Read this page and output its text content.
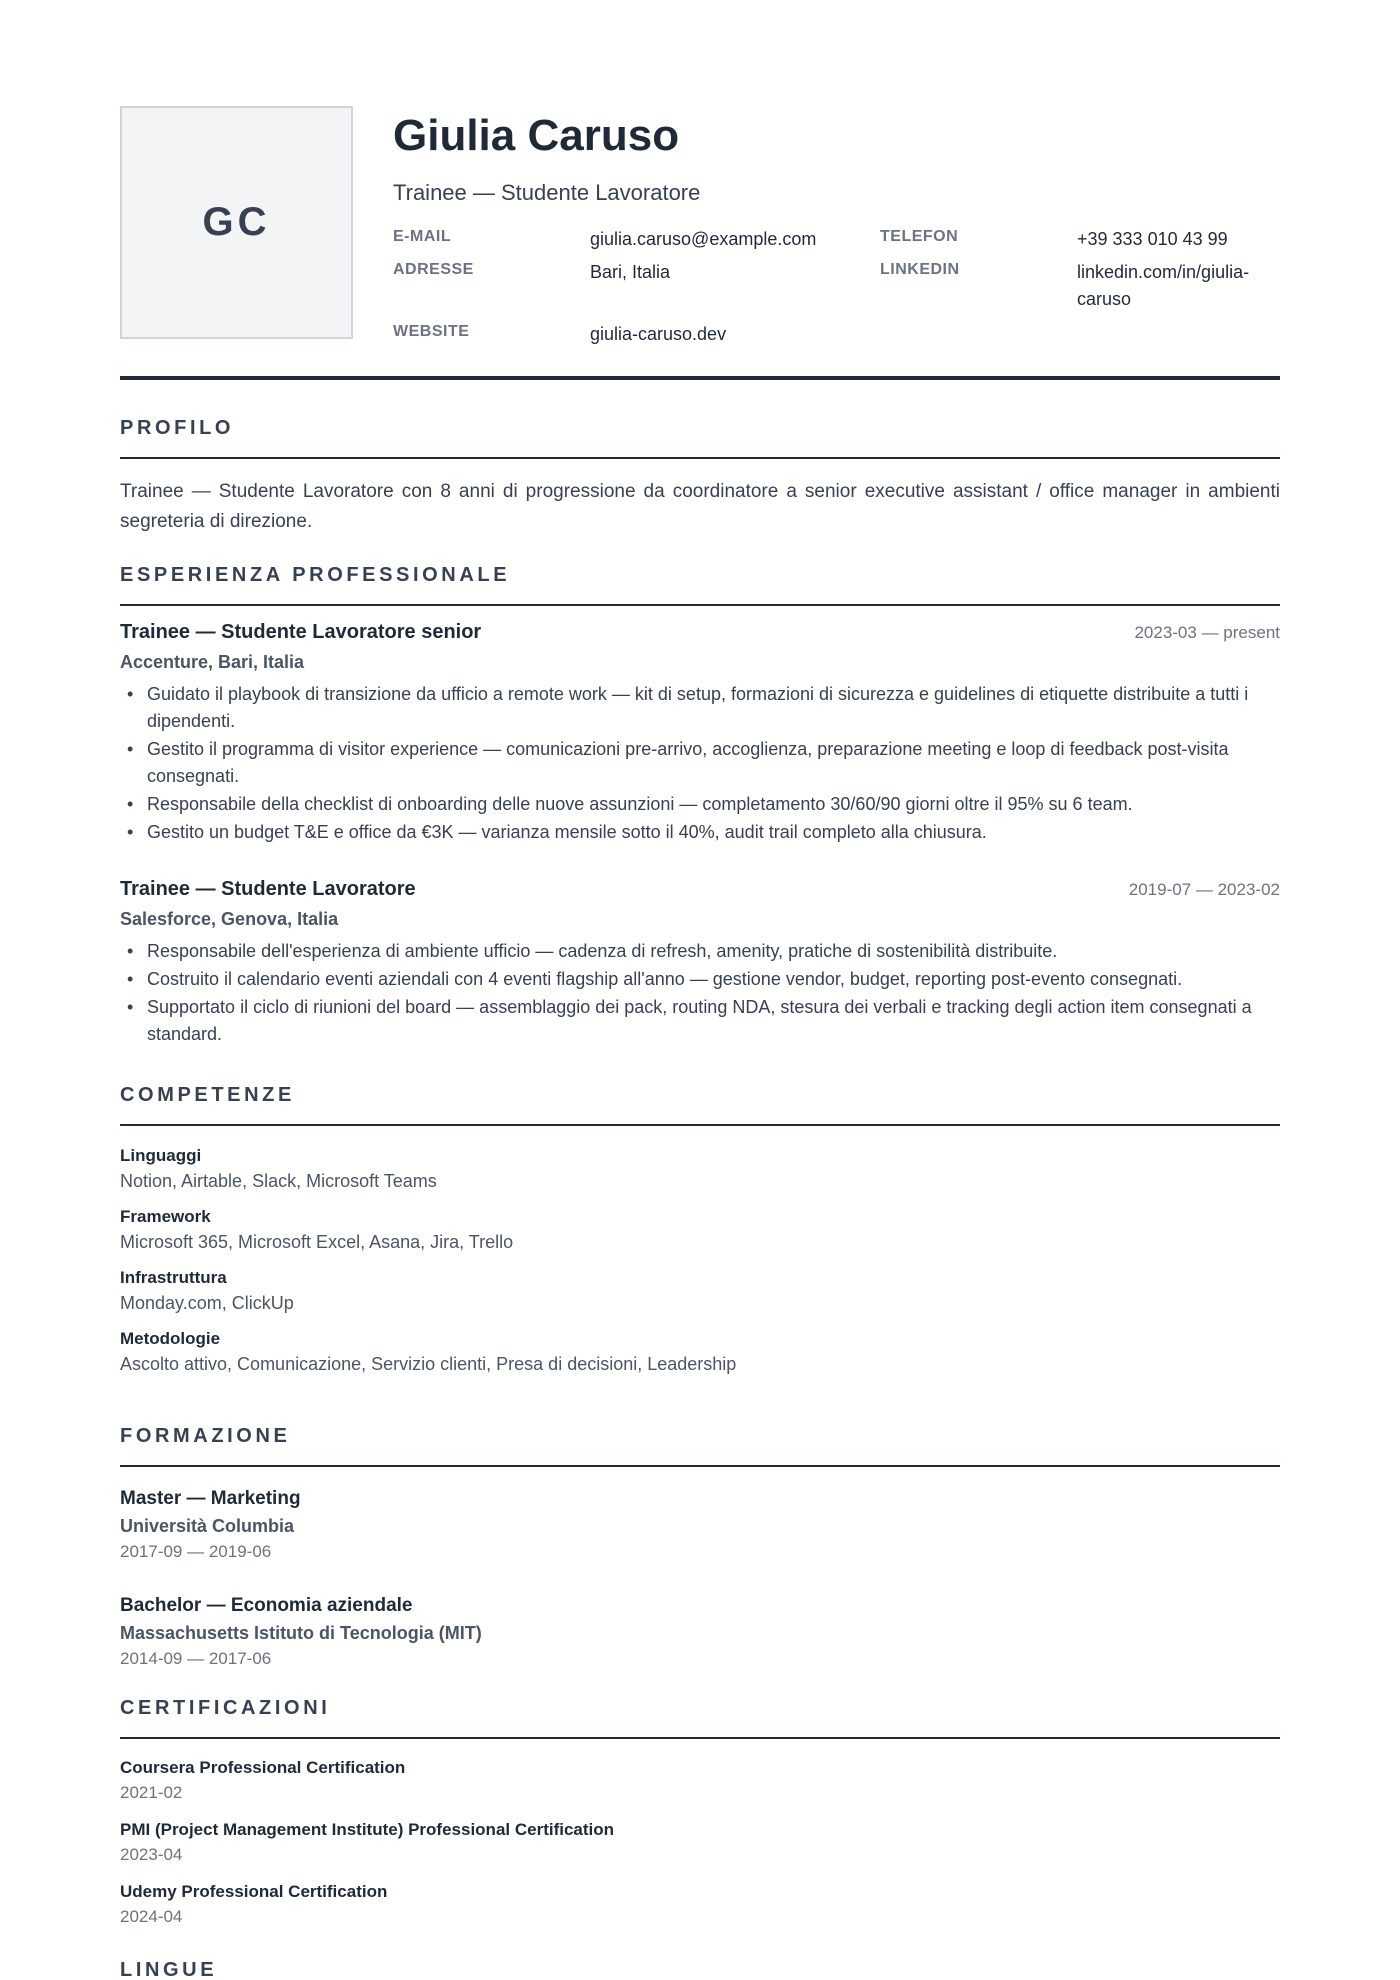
GC
Giulia Caruso
Trainee — Studente Lavoratore
E-MAIL	giulia.caruso@example.com	TELEFON	+39 333 010 43 99
ADRESSE	Bari, Italia	LINKEDIN	linkedin.com/in/giulia-
caruso
WEBSITE	giulia-caruso.dev
PROFILO
Trainee — Studente Lavoratore con 8 anni di progressione da coordinatore a senior executive assistant / office manager in ambienti segreteria di direzione.
ESPERIENZA PROFESSIONALE
Trainee — Studente Lavoratore senior	2023-03 — present
Accenture, Bari, Italia
• Guidato il playbook di transizione da ufficio a remote work — kit di setup, formazioni di sicurezza e guidelines di etiquette distribuite a tutti i dipendenti.
• Gestito il programma di visitor experience — comunicazioni pre-arrivo, accoglienza, preparazione meeting e loop di feedback post-visita consegnati.
• Responsabile della checklist di onboarding delle nuove assunzioni — completamento 30/60/90 giorni oltre il 95% su 6 team.
• Gestito un budget T&E e office da €3K — varianza mensile sotto il 40%, audit trail completo alla chiusura.
Trainee — Studente Lavoratore	2019-07 — 2023-02
Salesforce, Genova, Italia
• Responsabile dell'esperienza di ambiente ufficio — cadenza di refresh, amenity, pratiche di sostenibilità distribuite.
• Costruito il calendario eventi aziendali con 4 eventi flagship all'anno — gestione vendor, budget, reporting post-evento consegnati.
• Supportato il ciclo di riunioni del board — assemblaggio dei pack, routing NDA, stesura dei verbali e tracking degli action item consegnati a standard.
COMPETENZE
Linguaggi
Notion, Airtable, Slack, Microsoft Teams
Framework
Microsoft 365, Microsoft Excel, Asana, Jira, Trello
Infrastruttura
Monday.com, ClickUp
Metodologie
Ascolto attivo, Comunicazione, Servizio clienti, Presa di decisioni, Leadership
FORMAZIONE
Master — Marketing
Università Columbia
2017-09 — 2019-06
Bachelor — Economia aziendale
Massachusetts Istituto di Tecnologia (MIT)
2014-09 — 2017-06
CERTIFICAZIONI
Coursera Professional Certification
2021-02
PMI (Project Management Institute) Professional Certification
2023-04
Udemy Professional Certification
2024-04
LINGUE
